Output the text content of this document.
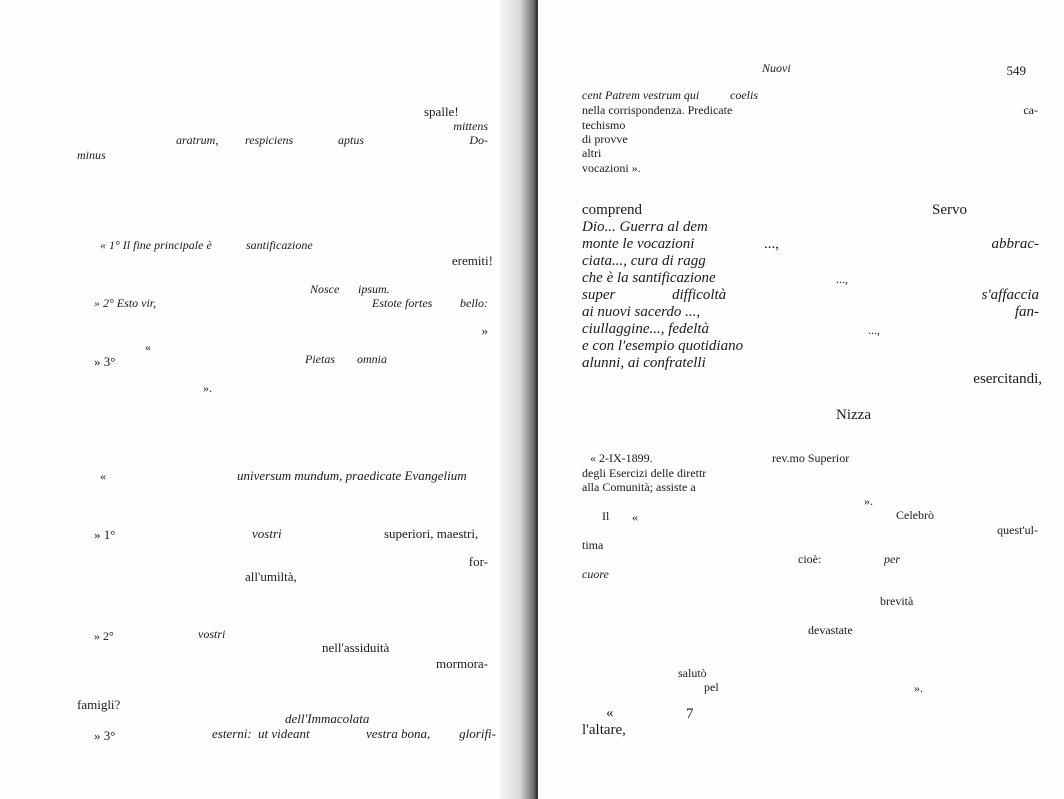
spalle!
mittens
aratrum, respiciens	aptus	Do-
minus
« 1° Il fine principale è	santificazione
eremiti!
Nosce ipsum.
» 2° Esto vir,	Estote fortes bello:
»
«
» 3°	Pietas omnia
».
«	universum mundum, praedicate Evangelium
» 1°	vostri	superiori, maestri,
for-
all'umiltà,
» 2°	vostri
nell'assiduità
mormora-
famigli?
dell'Immacolata
» 3°	esterni: ut videant	vestra bona, glorifi-
Nuovi	549
cent Patrem vestrum qui	coelis
nella corrispondenza. Predicate	ca-
techismo
di provve
altri
vocazioni ».
comprend	Servo
Dio... Guerra al dem
monte le vocazioni	...,	abbrac-
ciata..., cura di ragg
che è la santificazione	...,
super	difficoltà	s'affaccia
ai nuovi sacerdo ...,	fan-
ciullaggine..., fedeltà	...,
e con l'esempio quotidiano
alunni, ai confratelli
esercitandi,
Nizza
« 2-IX-1899.	rev.mo Superior
degli Esercizi delle direttr
alla Comunità; assiste a
».
Il «	Celebrò
quest'ul-
tima
cioè:	per
cuore
brevità
devastate
salutò
pel	».
«	7
l'altare,
